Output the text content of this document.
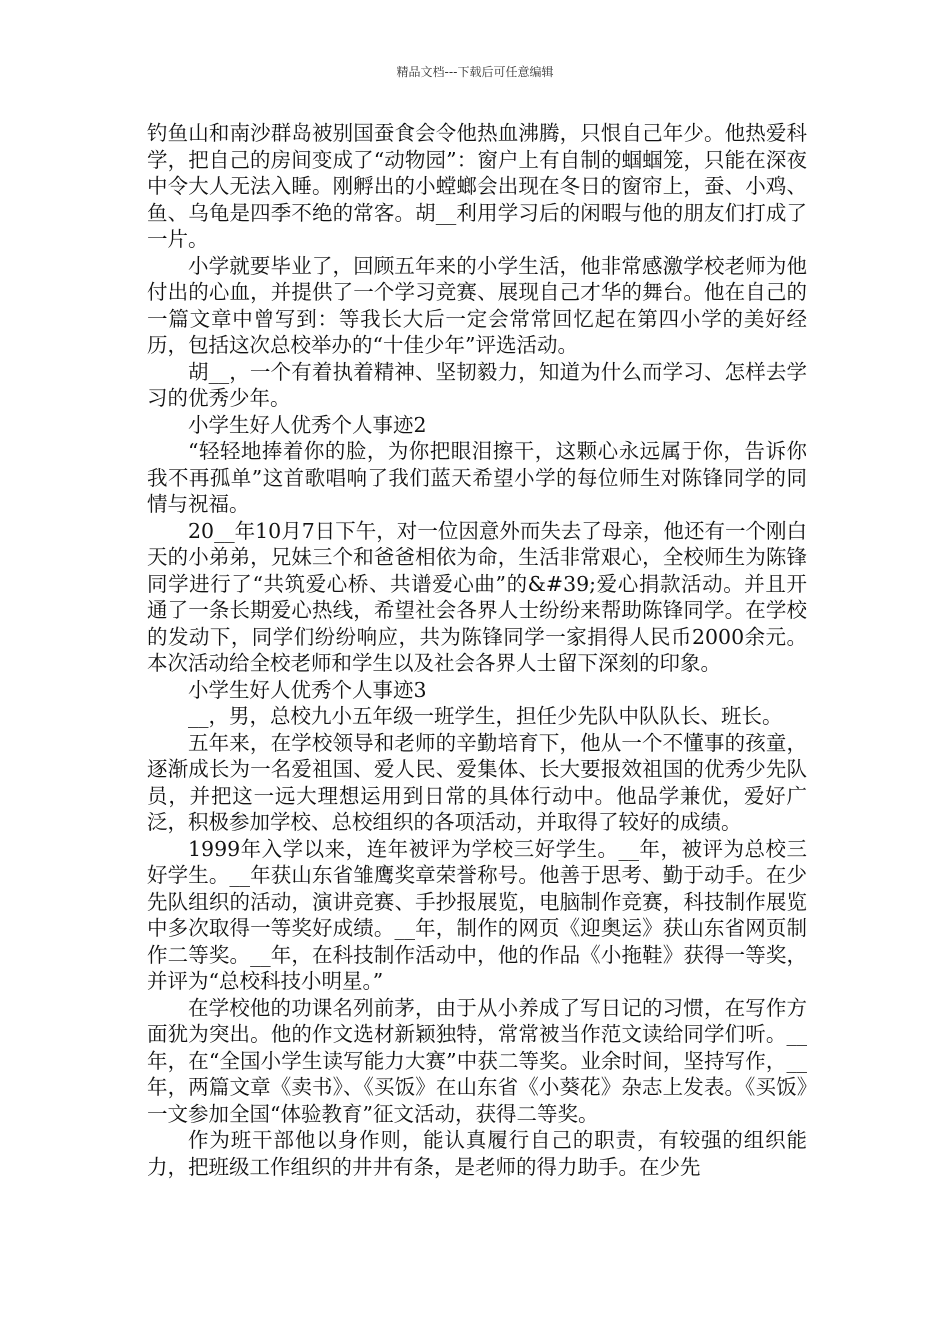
精品文档---下载后可任意编辑

钓鱼山和南沙群岛被别国蚕食会令他热血沸腾，只恨自己年少。他热爱科学，把自己的房间变成了“动物园”：窗户上有自制的蝈蝈笼，只能在深夜中令大人无法入睡。刚孵出的小螳螂会出现在冬日的窗帘上，蚕、小鸡、鱼、乌龟是四季不绝的常客。胡__利用学习后的闲暇与他的朋友们打成了一片。

小学就要毕业了，回顾五年来的小学生活，他非常感激学校老师为他付出的心血，并提供了一个学习竞赛、展现自己才华的舞台。他在自己的一篇文章中曾写到：等我长大后一定会常常回忆起在第四小学的美好经历，包括这次总校举办的“十佳少年”评选活动。

胡__，一个有着执着精神、坚韧毅力，知道为什么而学习、怎样去学习的优秀少年。

小学生好人优秀个人事迹2

“轻轻地捧着你的脸，为你把眼泪擦干，这颗心永远属于你，告诉你我不再孤单”这首歌唱响了我们蓝天希望小学的每位师生对陈锋同学的同情与祝福。

20__年10月7日下午，对一位因意外而失去了母亲，他还有一个刚白天的小弟弟，兄妹三个和爸爸相依为命，生活非常艰心，全校师生为陈锋同学进行了“共筑爱心桥、共谱爱心曲”的&#39;爱心捐款活动。并且开通了一条长期爱心热线，希望社会各界人士纷纷来帮助陈锋同学。在学校的发动下，同学们纷纷响应，共为陈锋同学一家捐得人民币2000余元。本次活动给全校老师和学生以及社会各界人士留下深刻的印象。

小学生好人优秀个人事迹3

__，男，总校九小五年级一班学生，担任少先队中队队长、班长。

五年来，在学校领导和老师的辛勤培育下，他从一个不懂事的孩童，逐渐成长为一名爱祖国、爱人民、爱集体、长大要报效祖国的优秀少先队员，并把这一远大理想运用到日常的具体行动中。他品学兼优，爱好广泛，积极参加学校、总校组织的各项活动，并取得了较好的成绩。

1999年入学以来，连年被评为学校三好学生。__年，被评为总校三好学生。__年获山东省雏鹰奖章荣誉称号。他善于思考、勤于动手。在少先队组织的活动，演讲竞赛、手抄报展览，电脑制作竞赛，科技制作展览中多次取得一等奖好成绩。__年，制作的网页《迎奥运》获山东省网页制作二等奖。__年，在科技制作活动中，他的作品《小拖鞋》获得一等奖，并评为“总校科技小明星。”

在学校他的功课名列前茅，由于从小养成了写日记的习惯，在写作方面犹为突出。他的作文选材新颖独特，常常被当作范文读给同学们听。__年，在“全国小学生读写能力大赛”中获二等奖。业余时间，坚持写作，__年，两篇文章《卖书》、《买饭》在山东省《小葵花》杂志上发表。《买饭》一文参加全国“体验教育”征文活动，获得二等奖。

作为班干部他以身作则，能认真履行自己的职责，有较强的组织能力，把班级工作组织的井井有条，是老师的得力助手。在少先
